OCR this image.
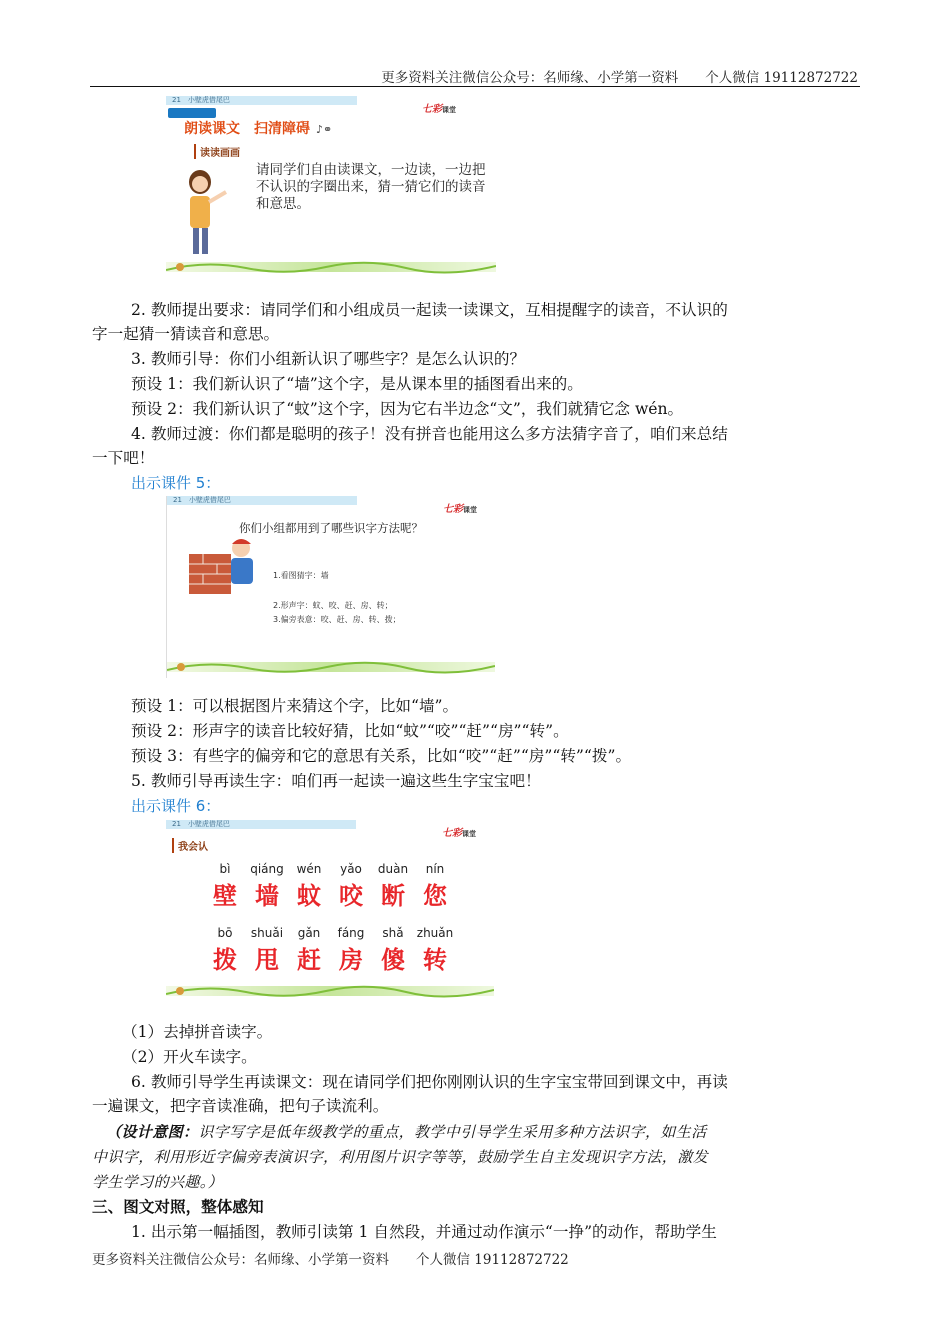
更多资料关注微信公众号：名师缘、小学第一资料　　个人微信 19112872722
21　小壁虎借尾巴
七彩课堂
朗读课文　扫清障碍 ♪⚭
读读画画
请同学们自由读课文，一边读，一边把不认识的字圈出来，猜一猜它们的读音和意思。
2. 教师提出要求：请同学们和小组成员一起读一读课文，互相提醒字的读音，不认识的
字一起猜一猜读音和意思。
3. 教师引导：你们小组新认识了哪些字？是怎么认识的？
预设 1：我们新认识了“墙”这个字，是从课本里的插图看出来的。
预设 2：我们新认识了“蚊”这个字，因为它右半边念“文”，我们就猜它念 wén。
4. 教师过渡：你们都是聪明的孩子！没有拼音也能用这么多方法猜字音了，咱们来总结
一下吧！
出示课件 5：
21　小壁虎借尾巴
七彩课堂
你们小组都用到了哪些识字方法呢？
1.看图猜字：墙
2.形声字：蚊、咬、赶、房、转；
3.偏旁表意：咬、赶、房、转、拨；
预设 1：可以根据图片来猜这个字，比如“墙”。
预设 2：形声字的读音比较好猜，比如“蚊”“咬”“赶”“房”“转”。
预设 3：有些字的偏旁和它的意思有关系，比如“咬”“赶”“房”“转”“拨”。
5. 教师引导再读生字：咱们再一起读一遍这些生字宝宝吧！
出示课件 6：
21　小壁虎借尾巴
七彩课堂
我会认
bì	qiáng	wén	yǎo	duàn	nín
壁 墙 蚊 咬 断 您
bō	shuǎi	gǎn	fáng	shǎ	zhuǎn
拨 甩 赶 房 傻 转
（1）去掉拼音读字。
（2）开火车读字。
6. 教师引导学生再读课文：现在请同学们把你刚刚认识的生字宝宝带回到课文中，再读
一遍课文，把字音读准确，把句子读流利。
（设计意图：识字写字是低年级教学的重点，教学中引导学生采用多种方法识字，如生活
中识字，利用形近字偏旁表演识字，利用图片识字等等，鼓励学生自主发现识字方法，激发
学生学习的兴趣。）
三、图文对照，整体感知
1. 出示第一幅插图，教师引读第 1 自然段，并通过动作演示“一挣”的动作，帮助学生
更多资料关注微信公众号：名师缘、小学第一资料　　个人微信 19112872722
